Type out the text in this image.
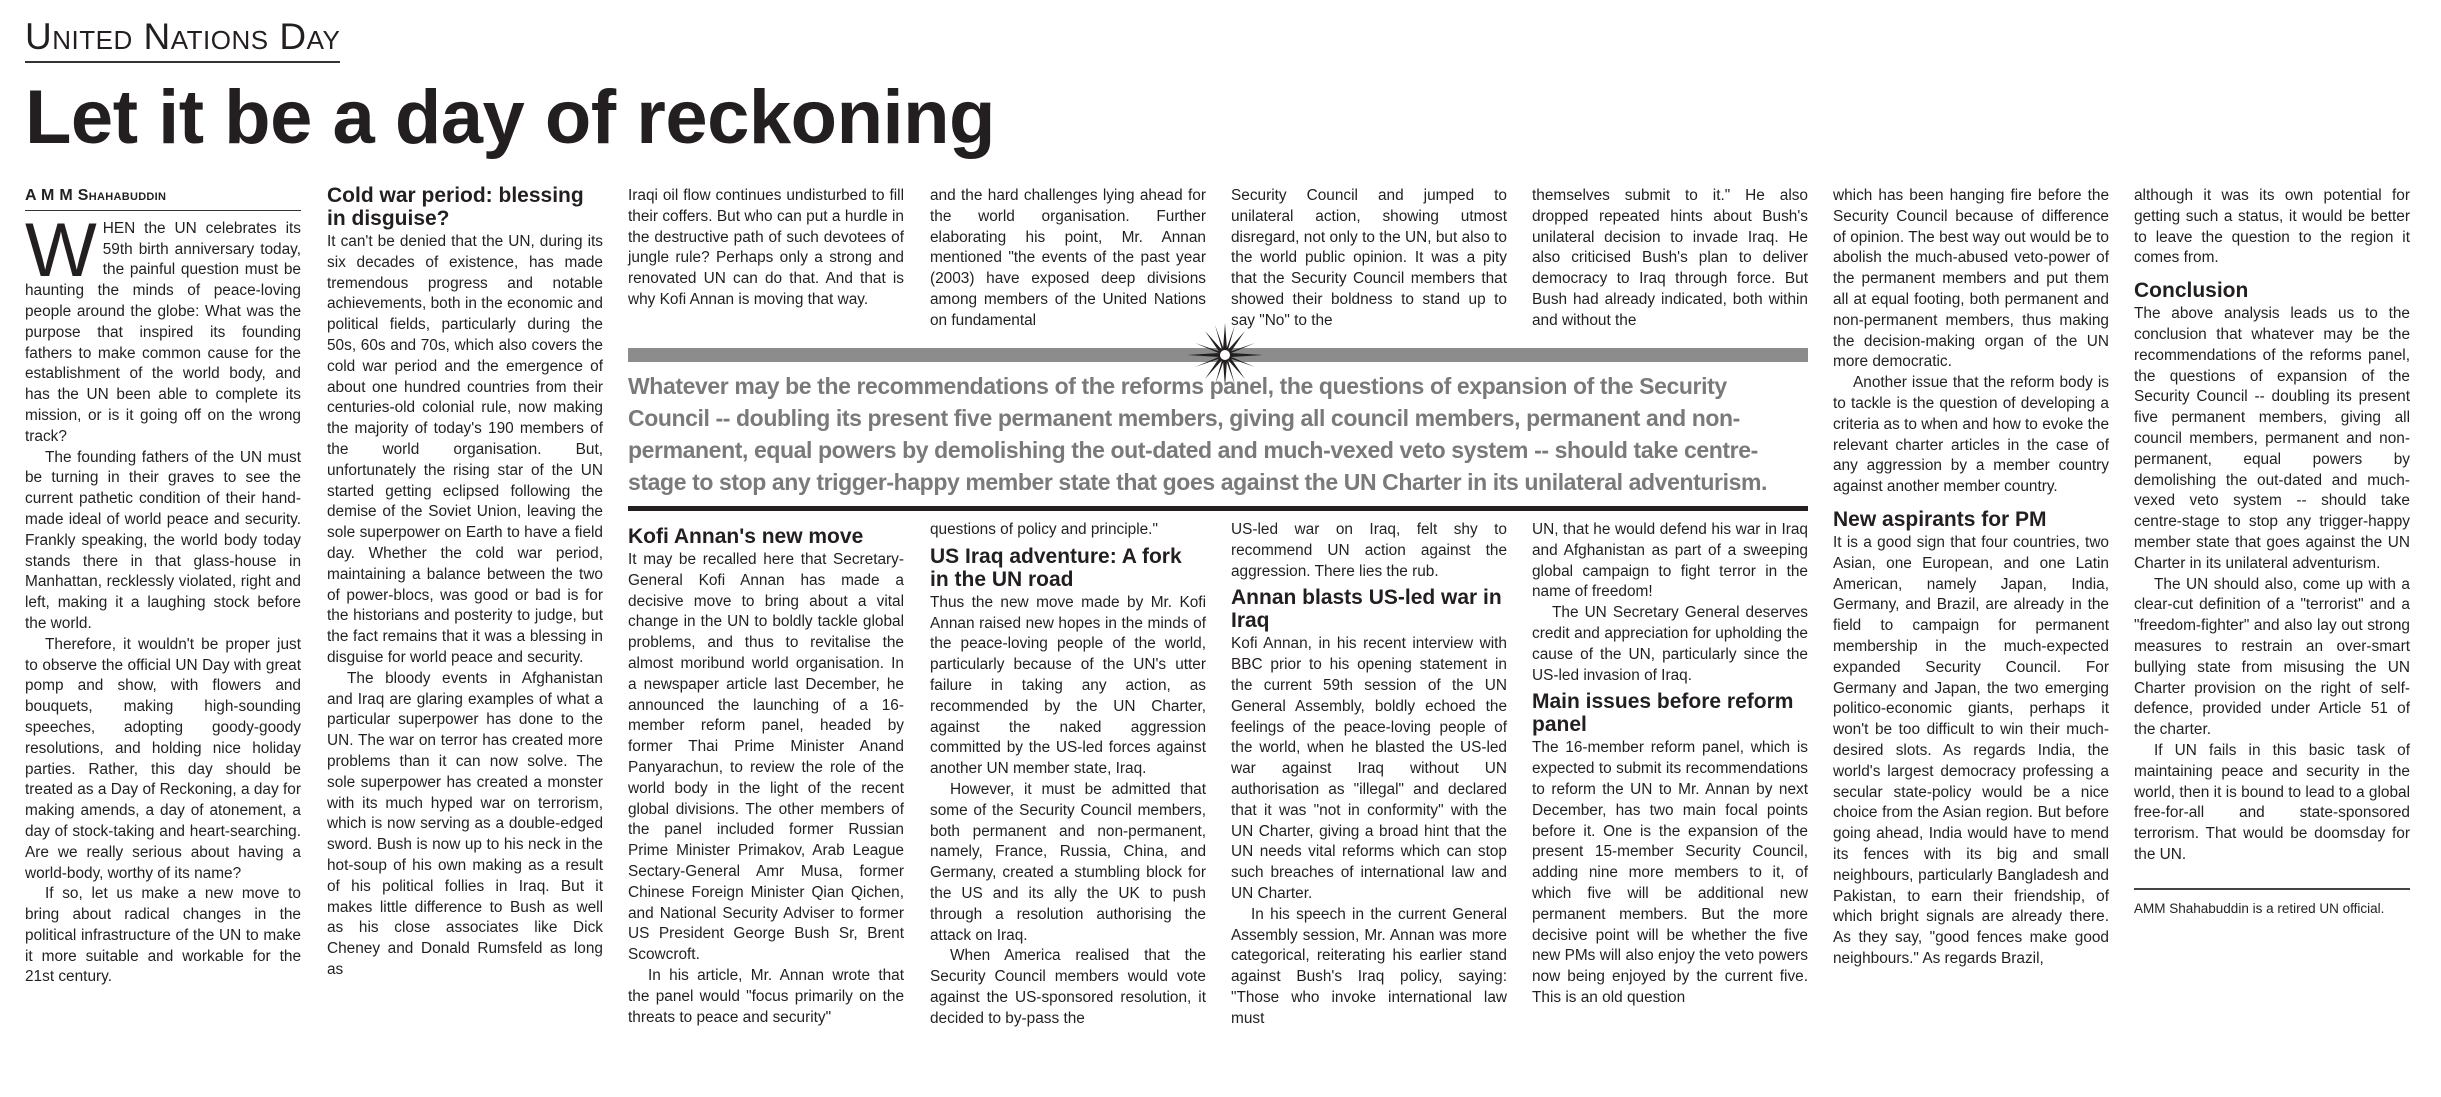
United Nations Day
Let it be a day of reckoning
A M M Shahabuddin

WHEN the UN celebrates its 59th birth anniversary today, the painful question must be haunting the minds of peace-loving people around the globe: What was the purpose that inspired its founding fathers to make common cause for the establishment of the world body, and has the UN been able to complete its mission, or is it going off on the wrong track?

The founding fathers of the UN must be turning in their graves to see the current pathetic condition of their hand-made ideal of world peace and security. Frankly speaking, the world body today stands there in that glass-house in Manhattan, recklessly violated, right and left, making it a laughing stock before the world.

Therefore, it wouldn't be proper just to observe the official UN Day with great pomp and show, with flowers and bouquets, making high-sounding speeches, adopting goody-goody resolutions, and holding nice holiday parties. Rather, this day should be treated as a Day of Reckoning, a day for making amends, a day of atonement, a day of stock-taking and heart-searching. Are we really serious about having a world-body, worthy of its name?

If so, let us make a new move to bring about radical changes in the political infrastructure of the UN to make it more suitable and workable for the 21st century.

Cold war period: blessing in disguise?

It can't be denied that the UN, during its six decades of existence, has made tremendous progress and notable achievements, both in the economic and political fields, particularly during the 50s, 60s and 70s, which also covers the cold war period and the emergence of about one hundred countries from their centuries-old colonial rule, now making the majority of today's 190 members of the world organisation. But, unfortunately the rising star of the UN started getting eclipsed following the demise of the Soviet Union, leaving the sole superpower on Earth to have a field day. Whether the cold war period, maintaining a balance between the two of power-blocs, was good or bad is for the historians and posterity to judge, but the fact remains that it was a blessing in disguise for world peace and security.

The bloody events in Afghanistan and Iraq are glaring examples of what a particular superpower has done to the UN. The war on terror has created more problems than it can now solve. The sole superpower has created a monster with its much hyped war on terrorism, which is now serving as a double-edged sword. Bush is now up to his neck in the hot-soup of his own making as a result of his political follies in Iraq. But it makes little difference to Bush as well as his close associates like Dick Cheney and Donald Rumsfeld as long as

Iraqi oil flow continues undisturbed to fill their coffers. But who can put a hurdle in the destructive path of such devotees of jungle rule? Perhaps only a strong and renovated UN can do that. And that is why Kofi Annan is moving that way.

and the hard challenges lying ahead for the world organisation. Further elaborating his point, Mr. Annan mentioned "the events of the past year (2003) have exposed deep divisions among members of the United Nations on fundamental

Security Council and jumped to unilateral action, showing utmost disregard, not only to the UN, but also to the world public opinion. It was a pity that the Security Council members that showed their boldness to stand up to say "No" to the

themselves submit to it." He also dropped repeated hints about Bush's unilateral decision to invade Iraq. He also criticised Bush's plan to deliver democracy to Iraq through force. But Bush had already indicated, both within and without the

Whatever may be the recommendations of the reforms panel, the questions of expansion of the Security Council -- doubling its present five permanent members, giving all council members, permanent and non-permanent, equal powers by demolishing the out-dated and much-vexed veto system -- should take centre-stage to stop any trigger-happy member state that goes against the UN Charter in its unilateral adventurism.
Kofi Annan's new move

It may be recalled here that Secretary-General Kofi Annan has made a decisive move to bring about a vital change in the UN to boldly tackle global problems, and thus to revitalise the almost moribund world organisation. In a newspaper article last December, he announced the launching of a 16-member reform panel, headed by former Thai Prime Minister Anand Panyarachun, to review the role of the world body in the light of the recent global divisions. The other members of the panel included former Russian Prime Minister Primakov, Arab League Sectary-General Amr Musa, former Chinese Foreign Minister Qian Qichen, and National Security Adviser to former US President George Bush Sr, Brent Scowcroft.

In his article, Mr. Annan wrote that the panel would "focus primarily on the threats to peace and security"

questions of policy and principle."

US Iraq adventure: A fork in the UN road

Thus the new move made by Mr. Kofi Annan raised new hopes in the minds of the peace-loving people of the world, particularly because of the UN's utter failure in taking any action, as recommended by the UN Charter, against the naked aggression committed by the US-led forces against another UN member state, Iraq.

However, it must be admitted that some of the Security Council members, both permanent and non-permanent, namely, France, Russia, China, and Germany, created a stumbling block for the US and its ally the UK to push through a resolution authorising the attack on Iraq.

When America realised that the Security Council members would vote against the US-sponsored resolution, it decided to by-pass the

US-led war on Iraq, felt shy to recommend UN action against the aggression. There lies the rub.

Annan blasts US-led war in Iraq

Kofi Annan, in his recent interview with BBC prior to his opening statement in the current 59th session of the UN General Assembly, boldly echoed the feelings of the peace-loving people of the world, when he blasted the US-led war against Iraq without UN authorisation as "illegal" and declared that it was "not in conformity" with the UN Charter, giving a broad hint that the UN needs vital reforms which can stop such breaches of international law and UN Charter.

In his speech in the current General Assembly session, Mr. Annan was more categorical, reiterating his earlier stand against Bush's Iraq policy, saying: "Those who invoke international law must

UN, that he would defend his war in Iraq and Afghanistan as part of a sweeping global campaign to fight terror in the name of freedom!

The UN Secretary General deserves credit and appreciation for upholding the cause of the UN, particularly since the US-led invasion of Iraq.

Main issues before reform panel

The 16-member reform panel, which is expected to submit its recommendations to reform the UN to Mr. Annan by next December, has two main focal points before it. One is the expansion of the present 15-member Security Council, adding nine more members to it, of which five will be additional new permanent members. But the more decisive point will be whether the five new PMs will also enjoy the veto powers now being enjoyed by the current five. This is an old question

which has been hanging fire before the Security Council because of difference of opinion. The best way out would be to abolish the much-abused veto-power of the permanent members and put them all at equal footing, both permanent and non-permanent members, thus making the decision-making organ of the UN more democratic.

Another issue that the reform body is to tackle is the question of developing a criteria as to when and how to evoke the relevant charter articles in the case of any aggression by a member country against another member country.

New aspirants for PM

It is a good sign that four countries, two Asian, one European, and one Latin American, namely Japan, India, Germany, and Brazil, are already in the field to campaign for permanent membership in the much-expected expanded Security Council. For Germany and Japan, the two emerging politico-economic giants, perhaps it won't be too difficult to win their much-desired slots. As regards India, the world's largest democracy professing a secular state-policy would be a nice choice from the Asian region. But before going ahead, India would have to mend its fences with its big and small neighbours, particularly Bangladesh and Pakistan, to earn their friendship, of which bright signals are already there. As they say, "good fences make good neighbours." As regards Brazil,

although it was its own potential for getting such a status, it would be better to leave the question to the region it comes from.

Conclusion

The above analysis leads us to the conclusion that whatever may be the recommendations of the reforms panel, the questions of expansion of the Security Council -- doubling its present five permanent members, giving all council members, permanent and non-permanent, equal powers by demolishing the out-dated and much-vexed veto system -- should take centre-stage to stop any trigger-happy member state that goes against the UN Charter in its unilateral adventurism.

The UN should also, come up with a clear-cut definition of a "terrorist" and a "freedom-fighter" and also lay out strong measures to restrain an over-smart bullying state from misusing the UN Charter provision on the right of self-defence, provided under Article 51 of the charter.

If UN fails in this basic task of maintaining peace and security in the world, then it is bound to lead to a global free-for-all and state-sponsored terrorism. That would be doomsday for the UN.

AMM Shahabuddin is a retired UN official.
